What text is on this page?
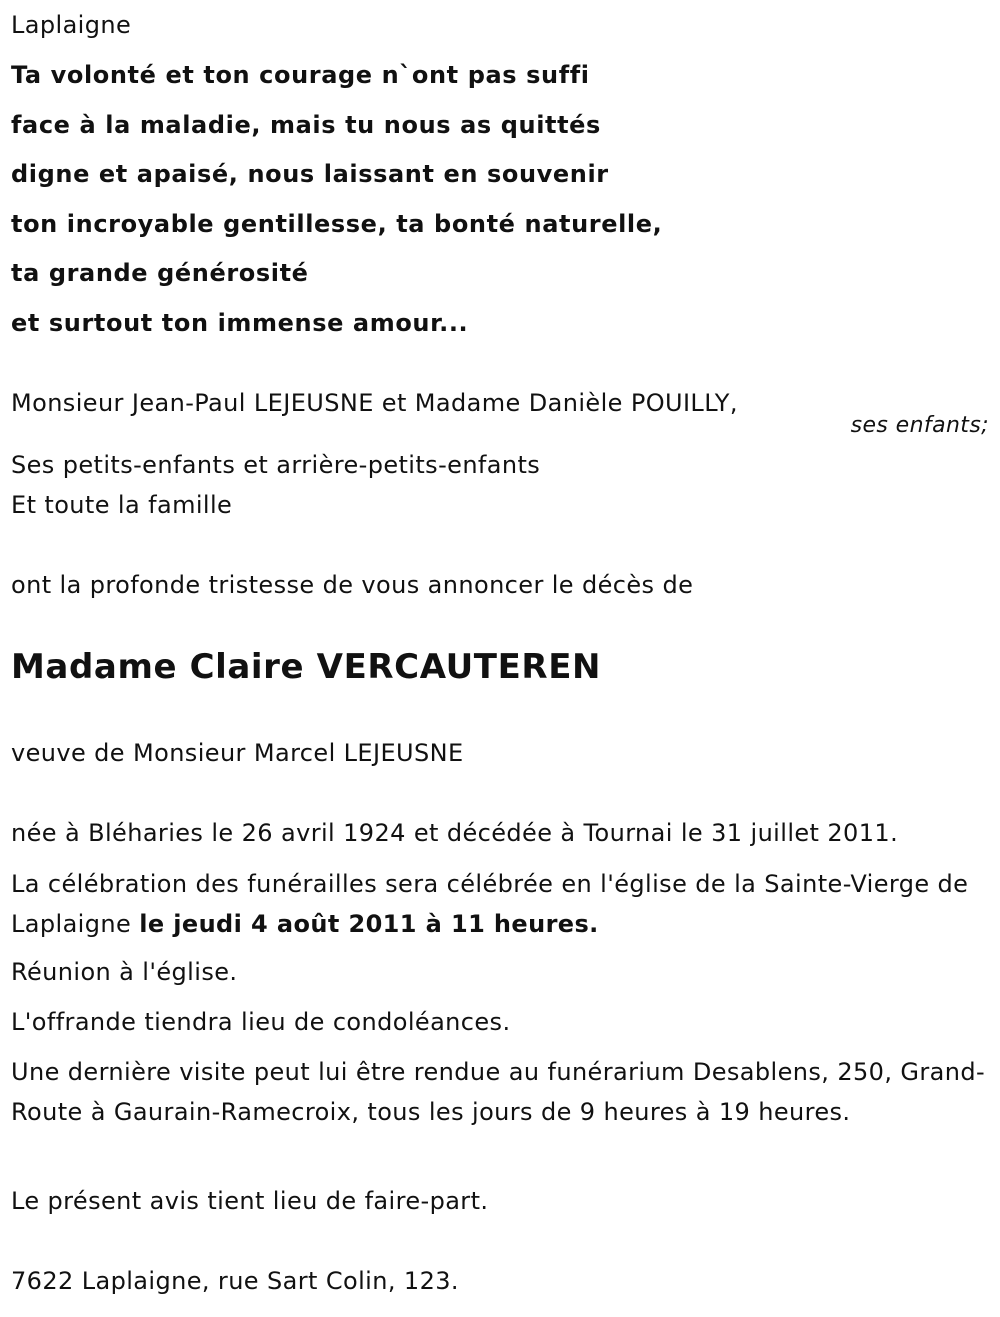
Laplaigne
Ta volonté et ton courage n`ont pas suffi
face à la maladie, mais tu nous as quittés
digne et apaisé, nous laissant en souvenir
ton incroyable gentillesse, ta bonté naturelle,
ta grande générosité
et surtout ton immense amour...
Monsieur Jean-Paul LEJEUSNE et Madame Danièle POUILLY,
Ses petits-enfants et arrière-petits-enfants
Et toute la famille
ont la profonde tristesse de vous annoncer le décès de
Madame Claire VERCAUTEREN
veuve de Monsieur Marcel LEJEUSNE
née à Bléharies le 26 avril 1924 et décédée à Tournai le 31 juillet 2011.
La célébration des funérailles sera célébrée en l'église de la Sainte-Vierge de Laplaigne le jeudi 4 août 2011 à 11 heures.
Réunion à l'église.
L'offrande tiendra lieu de condoléances.
Une dernière visite peut lui être rendue au funérarium Desablens, 250, Grand-Route à Gaurain-Ramecroix, tous les jours de 9 heures à 19 heures.
Le présent avis tient lieu de faire-part.
7622 Laplaigne, rue Sart Colin, 123.
ses enfants;
